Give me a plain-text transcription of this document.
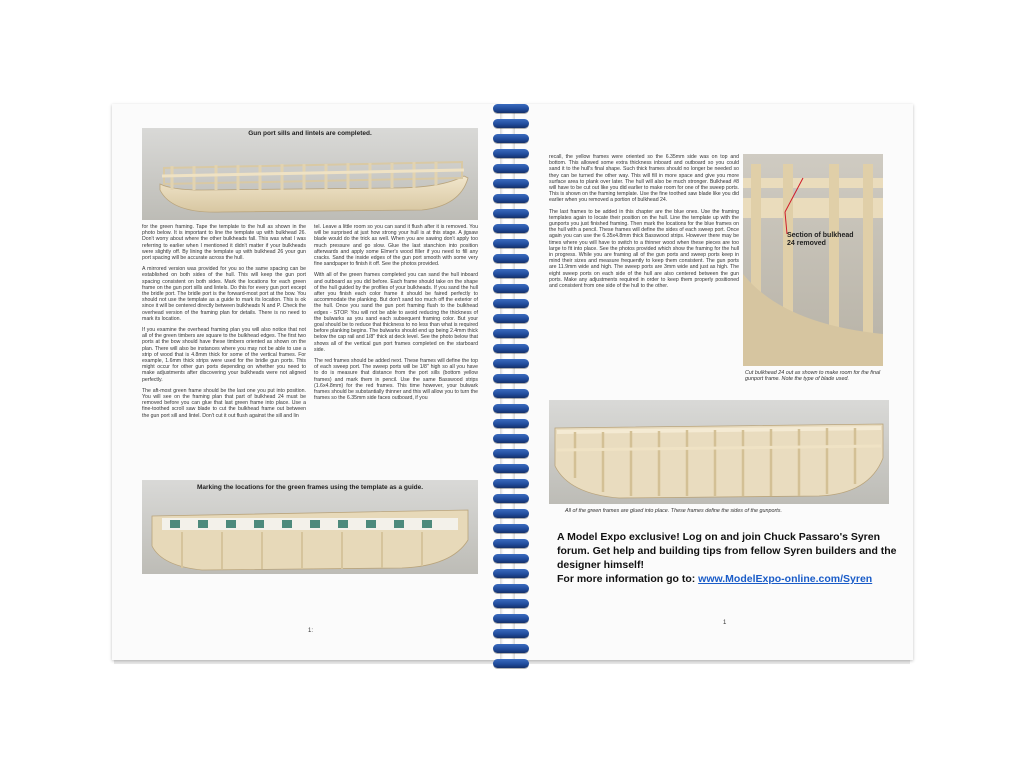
Gun port sills and lintels are completed.

for the green framing. Tape the template to the hull as shown in the photo below. It is important to line the template up with bulkhead 26. Don't worry about where the other bulkheads fall. This was what I was referring to earlier when I mentioned it didn't matter if your bulkheads were slightly off. By lining the template up with bulkhead 26 your gun port spacing will be accurate across the hull.

A mirrored version was provided for you so the same spacing can be established on both sides of the hull. This will keep the gun port spacing consistent on both sides. Mark the locations for each green frame on the gun port sills and lintels. Do this for every gun port except the bridle port. The bridle port is the forward-most port at the bow. You should not use the template as a guide to mark its location. This is ok since it will be centered directly between bulkheads N and P. Check the overhead version of the framing plan for details. There is no need to mark its location.

If you examine the overhead framing plan you will also notice that not all of the green timbers are square to the bulkhead edges. The first two ports at the bow should have these timbers oriented as shown on the plan. There will also be instances where you may not be able to use a strip of wood that is 4.8mm thick for some of the vertical frames. For example, 1.6mm thick strips were used for the bridle gun ports. This might occur for other gun ports depending on whether you need to make adjustments after discovering your bulkheads were not aligned perfectly.

The aft-most green frame should be the last one you put into position. You will see on the framing plan that part of bulkhead 24 must be removed before you can glue that last green frame into place. Use a fine-toothed scroll saw blade to cut the bulkhead frame out between the gun port sill and lintel. Don't cut it out flush against the sill and lin

tel. Leave a little room so you can sand it flush after it is removed. You will be surprised at just how strong your hull is at this stage. A jigsaw blade would do the trick as well. When you are sawing don't apply too much pressure and go slow. Glue the last stanchion into position afterwards and apply some Elmer's wood filler if you need to fill any cracks. Sand the inside edges of the gun port smooth with some very fine sandpaper to finish it off. See the photos provided.

With all of the green frames completed you can sand the hull inboard and outboard as you did before. Each frame should take on the shape of the hull guided by the profiles of your bulkheads. If you sand the hull after you finish each color frame it should be faired perfectly to accommodate the planking. But don't sand too much off the exterior of the hull. Once you sand the gun port framing flush to the bulkhead edges - STOP. You will not be able to avoid reducing the thickness of the bulwarks as you sand each subsequent framing color. But your goal should be to reduce that thickness to no less than what is required before planking begins. The bulwarks should end up being 2.4mm thick below the cap rail and 1/8" thick at deck level. See the photo below that shows all of the vertical gun port frames completed on the starboard side.

The red frames should be added next. These frames will define the top of each sweep port. The sweep ports will be 1/8" high so all you have to do is measure that distance from the port sills (bottom yellow frames) and mark them in pencil. Use the same Basswood strips (1.6x4.8mm) for the red frames. This time however, your bulwark frames should be substantially thinner and this will allow you to turn the frames so the 6.35mm side faces outboard, if you

Marking the locations for the green frames using the template as a guide.
1:

recall, the yellow frames were oriented so the 6.35mm side was on top and bottom. This allowed some extra thickness inboard and outboard so you could sand it to the hull's final shape. Such thick frames should no longer be needed so they can be turned the other way. This will fill in more space and give you more surface area to plank over later. The hull will also be much stronger. Bulkhead #8 will have to be cut out like you did earlier to make room for one of the sweep ports. This is shown on the framing template. Use the fine toothed saw blade like you did earlier when you removed a portion of bulkhead 24.

The last frames to be added in this chapter are the blue ones. Use the framing templates again to locate their position on the hull. Line the template up with the gunports you just finished framing. Then mark the locations for the blue frames on the hull with a pencil. These frames will define the sides of each sweep port. Once again you can use the 6.35x4.8mm thick Basswood strips. However there may be times where you will have to switch to a thinner wood when these pieces are too large to fit into place. See the photos provided which show the framing for the hull in progress. While you are framing all of the gun ports and sweep ports keep in mind their sizes and measure frequently to keep them consistent. The gun ports are 11.9mm wide and high. The sweep ports are 3mm wide and just as high. The eight sweep ports on each side of the hull are also centered between the gun ports. Make any adjustments required in order to keep them properly positioned and consistent from one side of the hull to the other.

Section of bulkhead 24 removed
Cut bulkhead 24 out as shown to make room for the final gunport frame. Note the type of blade used.
All of the green frames are glued into place. These frames define the sides of the gunports.
A Model Expo exclusive! Log on and join Chuck Passaro's Syren forum. Get help and building tips from fellow Syren builders and the designer himself!
For more information go to: www.ModelExpo-online.com/Syren
1
